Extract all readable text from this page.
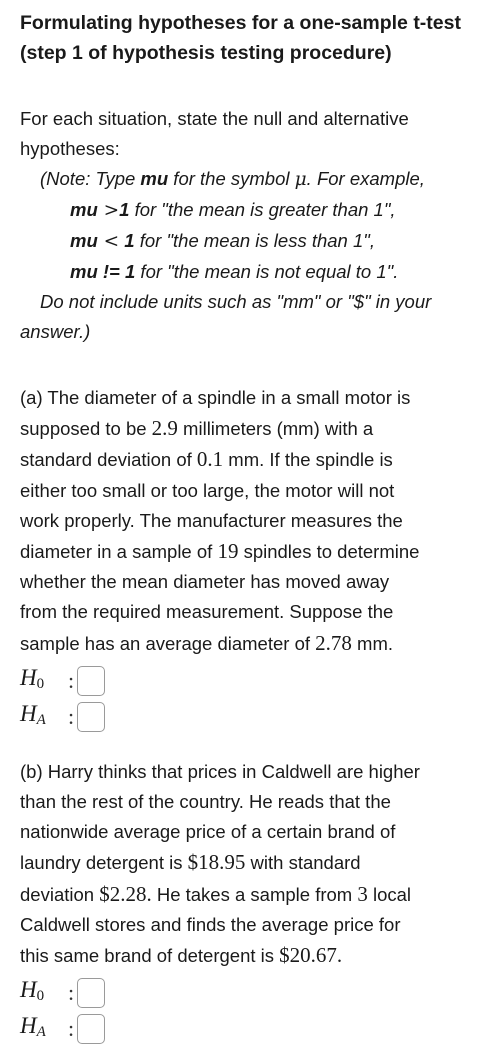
Formulating hypotheses for a one-sample t-test
(step 1 of hypothesis testing procedure)
For each situation, state the null and alternative
hypotheses:
(Note: Type mu for the symbol μ. For example,
mu >1 for "the mean is greater than 1",
mu < 1 for "the mean is less than 1",
mu != 1 for "the mean is not equal to 1".
Do not include units such as "mm" or "$" in your
answer.)
(a) The diameter of a spindle in a small motor is
supposed to be 2.9 millimeters (mm) with a
standard deviation of 0.1 mm. If the spindle is
either too small or too large, the motor will not
work properly. The manufacturer measures the
diameter in a sample of 19 spindles to determine
whether the mean diameter has moved away
from the required measurement. Suppose the
sample has an average diameter of 2.78 mm.
$H_0$	:
$H_A$	:
(b) Harry thinks that prices in Caldwell are higher
than the rest of the country. He reads that the
nationwide average price of a certain brand of
laundry detergent is $18.95 with standard
deviation $2.28. He takes a sample from 3 local
Caldwell stores and finds the average price for
this same brand of detergent is $20.67.
$H_0$	:
$H_A$	:
